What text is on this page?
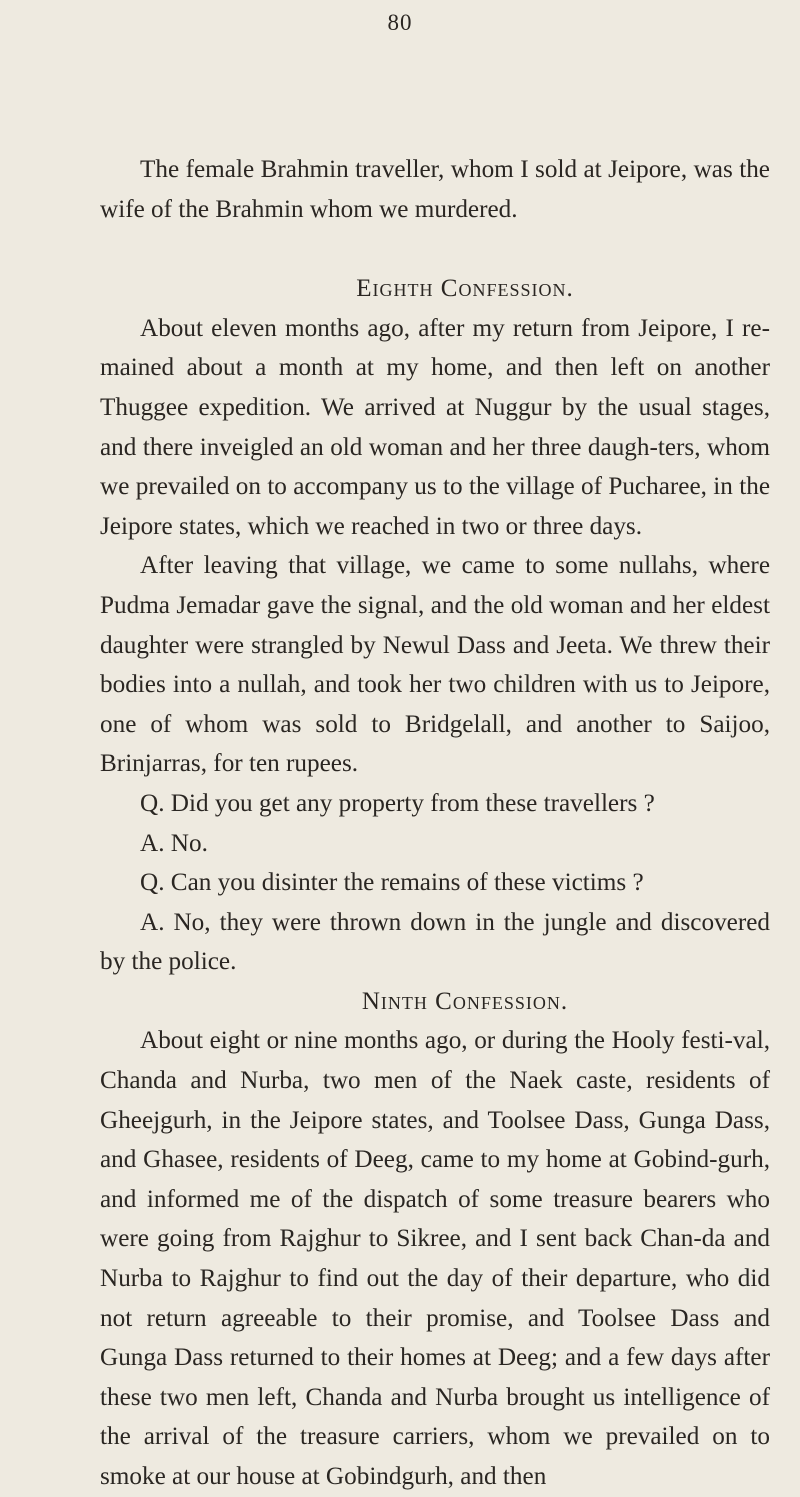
80

The female Brahmin traveller, whom I sold at Jeipore, was the wife of the Brahmin whom we murdered.

Eighth Confession.

About eleven months ago, after my return from Jeipore, I re-mained about a month at my home, and then left on another Thuggee expedition. We arrived at Nuggur by the usual stages, and there inveigled an old woman and her three daugh-ters, whom we prevailed on to accompany us to the village of Pucharee, in the Jeipore states, which we reached in two or three days.

After leaving that village, we came to some nullahs, where Pudma Jemadar gave the signal, and the old woman and her eldest daughter were strangled by Newul Dass and Jeeta. We threw their bodies into a nullah, and took her two children with us to Jeipore, one of whom was sold to Bridgelall, and another to Saijoo, Brinjarras, for ten rupees.

Q. Did you get any property from these travellers ?

A. No.

Q. Can you disinter the remains of these victims ?

A. No, they were thrown down in the jungle and discovered by the police.

Ninth Confession.

About eight or nine months ago, or during the Hooly festi-val, Chanda and Nurba, two men of the Naek caste, residents of Gheejgurh, in the Jeipore states, and Toolsee Dass, Gunga Dass, and Ghasee, residents of Deeg, came to my home at Gobind-gurh, and informed me of the dispatch of some treasure bearers who were going from Rajghur to Sikree, and I sent back Chan-da and Nurba to Rajghur to find out the day of their departure, who did not return agreeable to their promise, and Toolsee Dass and Gunga Dass returned to their homes at Deeg; and a few days after these two men left, Chanda and Nurba brought us intelligence of the arrival of the treasure carriers, whom we prevailed on to smoke at our house at Gobindgurh, and then
